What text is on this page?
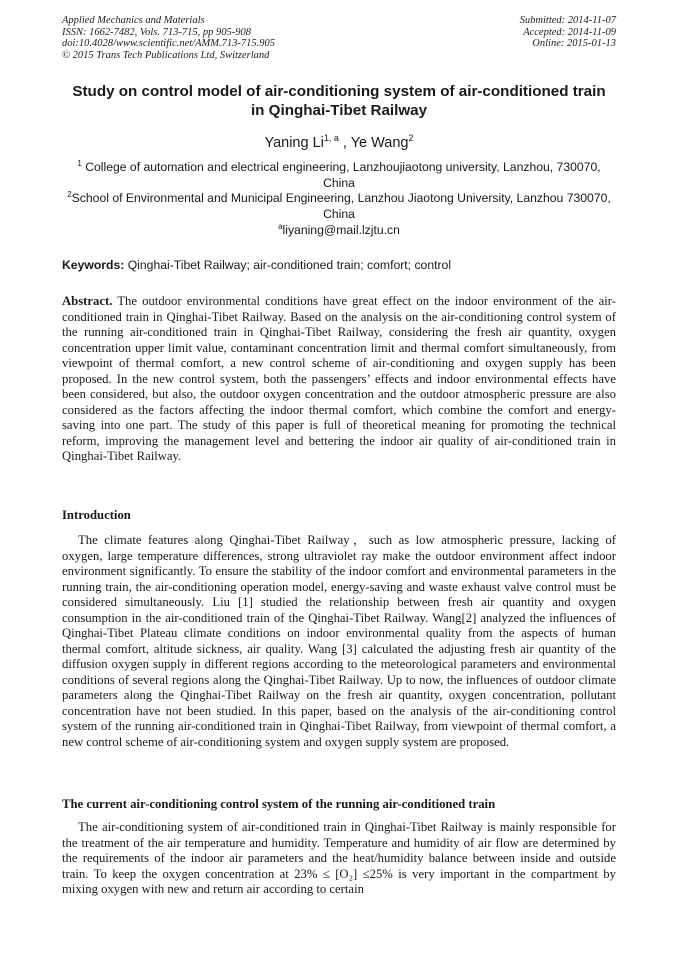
Applied Mechanics and Materials
ISSN: 1662-7482, Vols. 713-715, pp 905-908
doi:10.4028/www.scientific.net/AMM.713-715.905
© 2015 Trans Tech Publications Ltd, Switzerland
Submitted: 2014-11-07
Accepted: 2014-11-09
Online: 2015-01-13
Study on control model of air-conditioning system of air-conditioned train in Qinghai-Tibet Railway
Yaning Li$^{1, a}$ , Ye Wang$^2$
$^1$ College of automation and electrical engineering, Lanzhoujiaotong university, Lanzhou, 730070, China
$^2$School of Environmental and Municipal Engineering, Lanzhou Jiaotong University, Lanzhou 730070, China
$^a$liyaning@mail.lzjtu.cn
Keywords: Qinghai-Tibet Railway; air-conditioned train; comfort; control
Abstract. The outdoor environmental conditions have great effect on the indoor environment of the air-conditioned train in Qinghai-Tibet Railway. Based on the analysis on the air-conditioning control system of the running air-conditioned train in Qinghai-Tibet Railway, considering the fresh air quantity, oxygen concentration upper limit value, contaminant concentration limit and thermal comfort simultaneously, from viewpoint of thermal comfort, a new control scheme of air-conditioning and oxygen supply has been proposed. In the new control system, both the passengers’ effects and indoor environmental effects have been considered, but also, the outdoor oxygen concentration and the outdoor atmospheric pressure are also considered as the factors affecting the indoor thermal comfort, which combine the comfort and energy-saving into one part. The study of this paper is full of theoretical meaning for promoting the technical reform, improving the management level and bettering the indoor air quality of air-conditioned train in Qinghai-Tibet Railway.
Introduction
The climate features along Qinghai-Tibet Railway，such as low atmospheric pressure, lacking of oxygen, large temperature differences, strong ultraviolet ray make the outdoor environment affect indoor environment significantly. To ensure the stability of the indoor comfort and environmental parameters in the running train, the air-conditioning operation model, energy-saving and waste exhaust valve control must be considered simultaneously. Liu [1] studied the relationship between fresh air quantity and oxygen consumption in the air-conditioned train of the Qinghai-Tibet Railway. Wang[2] analyzed the influences of Qinghai-Tibet Plateau climate conditions on indoor environmental quality from the aspects of human thermal comfort, altitude sickness, air quality. Wang [3] calculated the adjusting fresh air quantity of the diffusion oxygen supply in different regions according to the meteorological parameters and environmental conditions of several regions along the Qinghai-Tibet Railway. Up to now, the influences of outdoor climate parameters along the Qinghai-Tibet Railway on the fresh air quantity, oxygen concentration, pollutant concentration have not been studied. In this paper, based on the analysis of the air-conditioning control system of the running air-conditioned train in Qinghai-Tibet Railway, from viewpoint of thermal comfort, a new control scheme of air-conditioning system and oxygen supply system are proposed.
The current air-conditioning control system of the running air-conditioned train
The air-conditioning system of air-conditioned train in Qinghai-Tibet Railway is mainly responsible for the treatment of the air temperature and humidity. Temperature and humidity of air flow are determined by the requirements of the indoor air parameters and the heat/humidity balance between inside and outside train. To keep the oxygen concentration at 23% ≤ [O₂] ≤25% is very important in the compartment by mixing oxygen with new and return air according to certain
